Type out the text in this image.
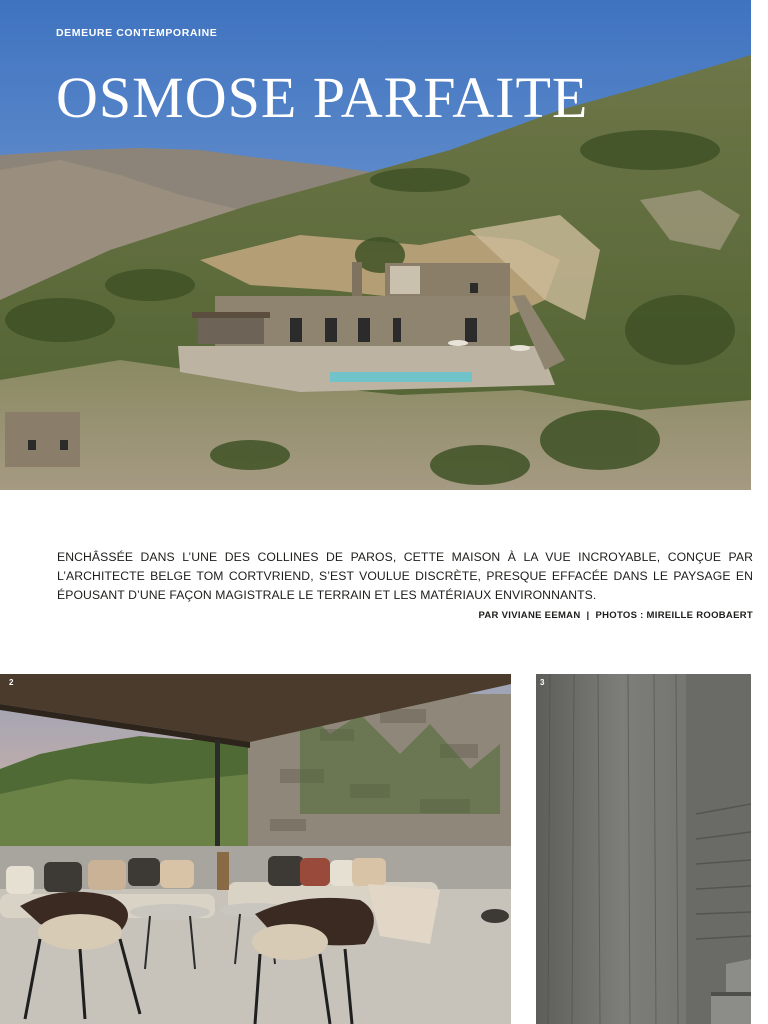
DEMEURE CONTEMPORAINE
OSMOSE PARFAITE
ENCHÂSSÉE DANS L’UNE DES COLLINES DE PAROS, CETTE MAISON À LA VUE INCROYABLE, CONÇUE PAR L’ARCHITECTE BELGE TOM CORTVRIEND, S’EST VOULUE DISCRÈTE, PRESQUE EFFACÉE DANS LE PAYSAGE EN ÉPOUSANT D’UNE FAÇON MAGISTRALE LE TERRAIN ET LES MATÉRIAUX ENVIRONNANTS.
PAR VIVIANE EEMAN | PHOTOS : MIREILLE ROOBAERT
2	3
